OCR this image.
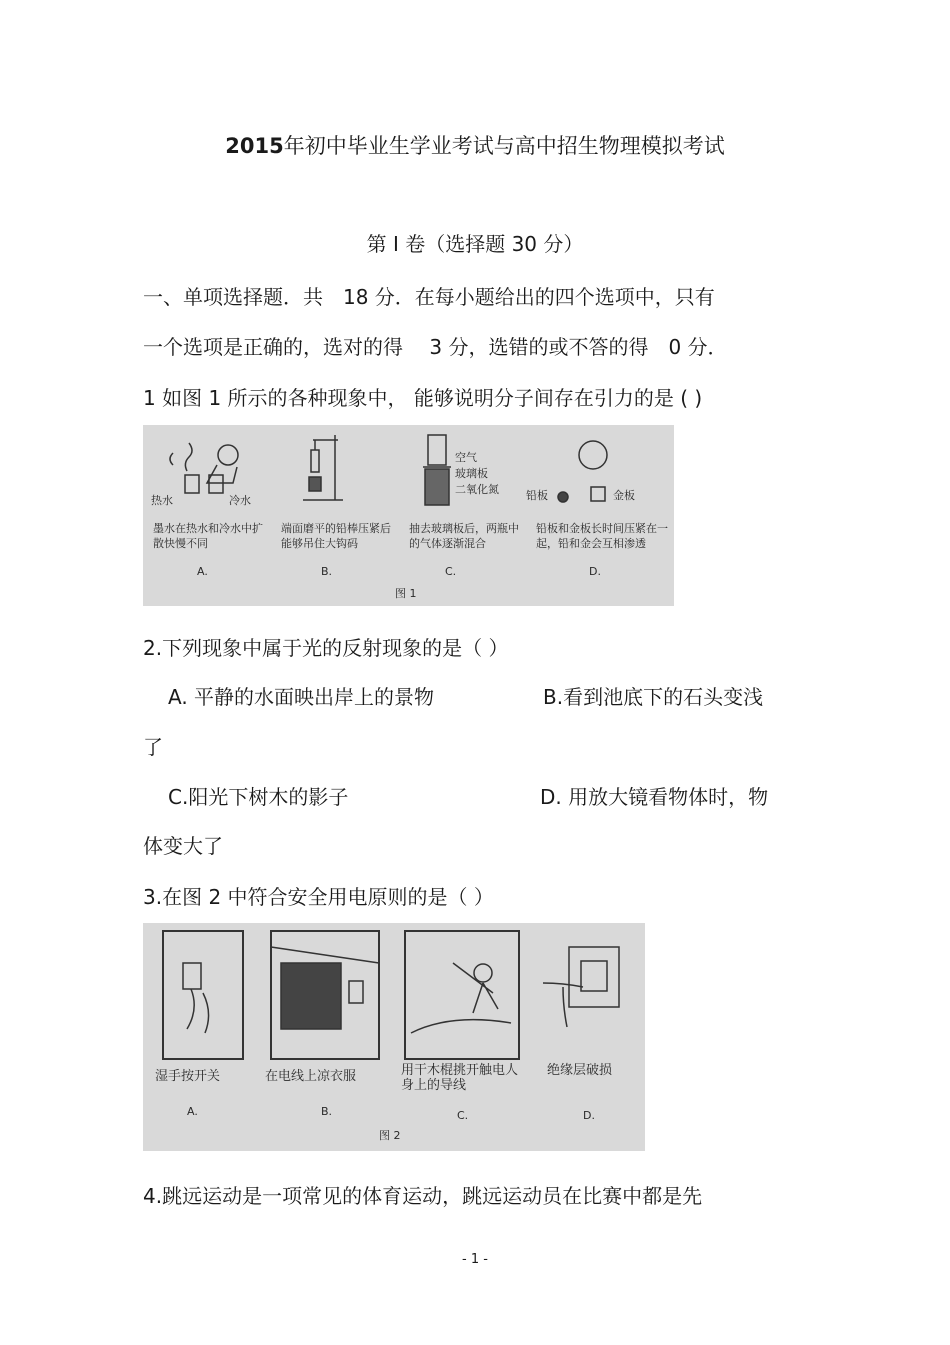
2015年初中毕业生学业考试与高中招生物理模拟考试
第 I 卷（选择题 30 分）
一、单项选择题．共　18 分．在每小题给出的四个选项中，只有
一个选项是正确的，选对的得　 3 分，选错的或不答的得　0 分．
1 如图 1 所示的各种现象中， 能够说明分子间存在引力的是 ( )
热水	冷水
空气
玻璃板
二氧化氮 铅板	金板
墨水在热水和冷水中扩散快慢不同
端面磨平的铅棒压紧后能够吊住大钩码
抽去玻璃板后，两瓶中的气体逐渐混合
铅板和金板长时间压紧在一起，铅和金会互相渗透
A.	B.	C.	D.
图 1
2.下列现象中属于光的反射现象的是（ ）
A. 平静的水面映出岸上的景物	B.看到池底下的石头变浅
了
C.阳光下树木的影子	D. 用放大镜看物体时，物
体变大了
3.在图 2 中符合安全用电原则的是（ ）
湿手按开关	在电线上凉衣服	用干木棍挑开触电人身上的导线
绝缘层破损
A.	B.	C.	D.
图 2
4.跳远运动是一项常见的体育运动，跳远运动员在比赛中都是先
- 1 -
